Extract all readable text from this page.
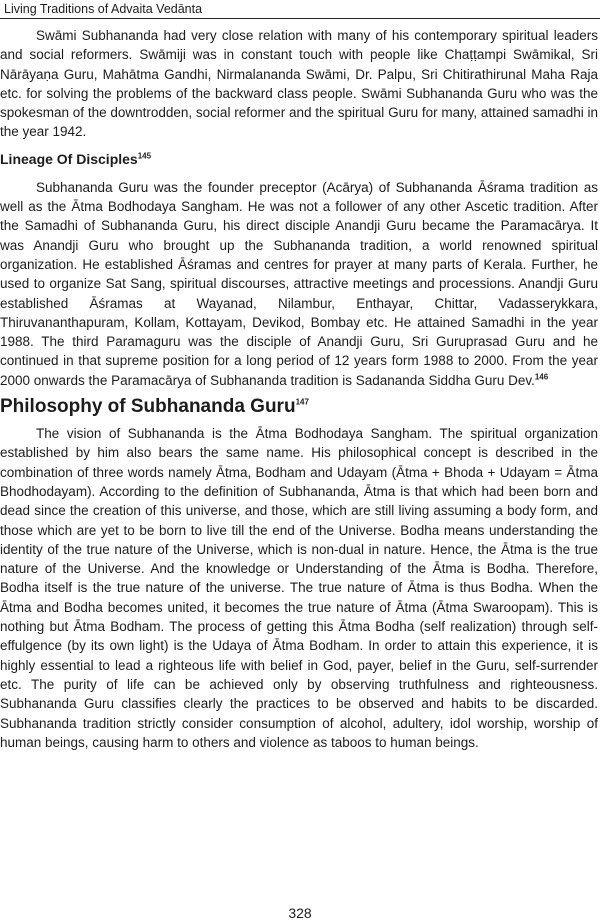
Living Traditions of Advaita Vedānta

Swāmi Subhananda had very close relation with many of his contemporary spiritual leaders and social reformers. Swāmiji was in constant touch with people like Chaṭṭampi Swāmikal, Sri Nārāyaṇa Guru, Mahātma Gandhi, Nirmalananda Swāmi, Dr. Palpu, Sri Chitirathirunal Maha Raja etc. for solving the problems of the backward class people. Swāmi Subhananda Guru who was the spokesman of the downtrodden, social reformer and the spiritual Guru for many, attained samadhi in the year 1942.

Lineage Of Disciples$^{145}$

Subhananda Guru was the founder preceptor (Acārya) of Subhananda Āśrama tradition as well as the Ātma Bodhodaya Sangham. He was not a follower of any other Ascetic tradition. After the Samadhi of Subhananda Guru, his direct disciple Anandji Guru became the Paramacārya. It was Anandji Guru who brought up the Subhananda tradition, a world renowned spiritual organization. He established Āśramas and centres for prayer at many parts of Kerala. Further, he used to organize Sat Sang, spiritual discourses, attractive meetings and processions. Anandji Guru established Āśramas at Wayanad, Nilambur, Enthayar, Chittar, Vadasserykkara, Thiruvananthapuram, Kollam, Kottayam, Devikod, Bombay etc. He attained Samadhi in the year 1988. The third Paramaguru was the disciple of Anandji Guru, Sri Guruprasad Guru and he continued in that supreme position for a long period of 12 years form 1988 to 2000. From the year 2000 onwards the Paramacārya of Subhananda tradition is Sadananda Siddha Guru Dev.$^{146}$

Philosophy of Subhananda Guru$^{147}$

The vision of Subhananda is the Ātma Bodhodaya Sangham. The spiritual organization established by him also bears the same name. His philosophical concept is described in the combination of three words namely Ātma, Bodham and Udayam (Ātma + Bhoda + Udayam = Ātma Bhodhodayam). According to the definition of Subhananda, Ātma is that which had been born and dead since the creation of this universe, and those, which are still living assuming a body form, and those which are yet to be born to live till the end of the Universe. Bodha means understanding the identity of the true nature of the Universe, which is non-dual in nature. Hence, the Ātma is the true nature of the Universe. And the knowledge or Understanding of the Ātma is Bodha. Therefore, Bodha itself is the true nature of the universe. The true nature of Ātma is thus Bodha. When the Ātma and Bodha becomes united, it becomes the true nature of Ātma (Ātma Swaroopam). This is nothing but Ātma Bodham. The process of getting this Ātma Bodha (self realization) through self-effulgence (by its own light) is the Udaya of Ātma Bodham. In order to attain this experience, it is highly essential to lead a righteous life with belief in God, payer, belief in the Guru, self-surrender etc. The purity of life can be achieved only by observing truthfulness and righteousness. Subhananda Guru classifies clearly the practices to be observed and habits to be discarded. Subhananda tradition strictly consider consumption of alcohol, adultery, idol worship, worship of human beings, causing harm to others and violence as taboos to human beings.

328
